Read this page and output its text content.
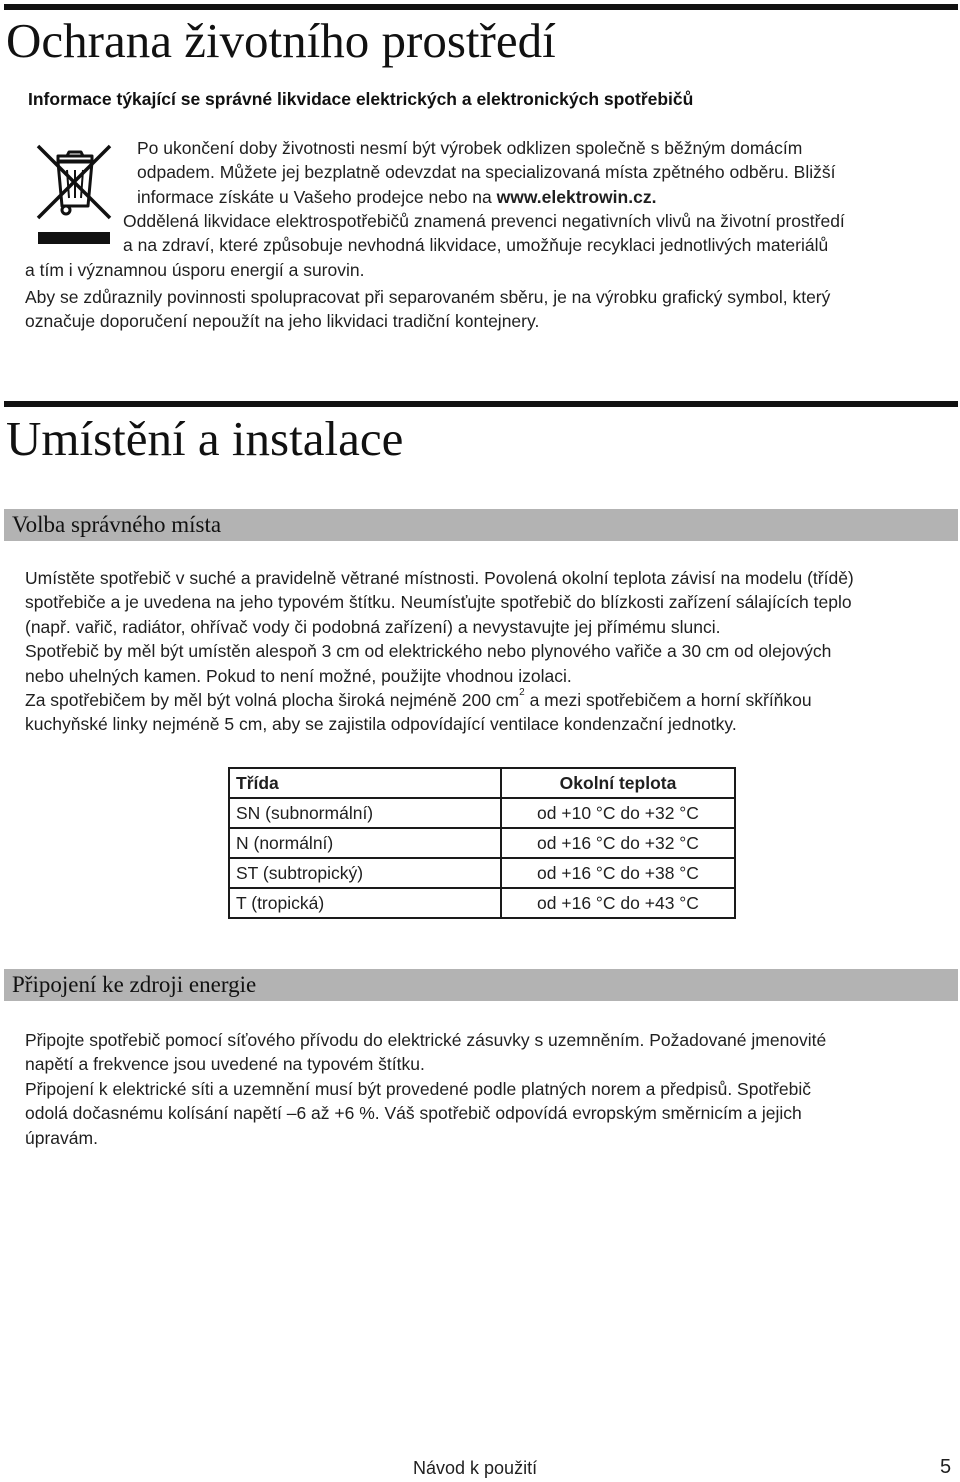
Ochrana životního prostředí
Informace týkající se správné likvidace elektrických a elektronických spotřebičů
Po ukončení doby životnosti nesmí být výrobek odklizen společně s běžným domácím
odpadem. Můžete jej bezplatně odevzdat na specializovaná místa zpětného odběru. Bližší
informace získáte u Vašeho prodejce nebo na www.elektrowin.cz.
Oddělená likvidace elektrospotřebičů znamená prevenci negativních vlivů na životní prostředí
a na zdraví, které způsobuje nevhodná likvidace, umožňuje recyklaci jednotlivých materiálů
a tím i významnou úsporu energií a surovin.
Aby se zdůraznily povinnosti spolupracovat při separovaném sběru, je na výrobku grafický symbol, který
označuje doporučení nepoužít na jeho likvidaci tradiční kontejnery.
Umístění a instalace
Volba správného místa
Umístěte spotřebič v suché a pravidelně větrané místnosti. Povolená okolní teplota závisí na modelu (třídě)
spotřebiče a je uvedena na jeho typovém štítku. Neumísťujte spotřebič do blízkosti zařízení sálajících teplo
(např. vařič, radiátor, ohřívač vody či podobná zařízení) a nevystavujte jej přímému slunci.
Spotřebič by měl být umístěn alespoň 3 cm od elektrického nebo plynového vařiče a 30 cm od olejových
nebo uhelných kamen. Pokud to není možné, použijte vhodnou izolaci.
Za spotřebičem by měl být volná plocha široká nejméně 200 $cm^2$ a mezi spotřebičem a horní skříňkou
kuchyňské linky nejméně 5 cm, aby se zajistila odpovídající ventilace kondenzační jednotky.
Třída	Okolní teplota
SN (subnormální)	od +10 °C do +32 °C
N (normální)	od +16 °C do +32 °C
ST (subtropický)	od +16 °C do +38 °C
T (tropická)	od +16 °C do +43 °C
Připojení ke zdroji energie
Připojte spotřebič pomocí síťového přívodu do elektrické zásuvky s uzemněním. Požadované jmenovité
napětí a frekvence jsou uvedené na typovém štítku.
Připojení k elektrické síti a uzemnění musí být provedené podle platných norem a předpisů. Spotřebič
odolá dočasnému kolísání napětí –6 až +6 %. Váš spotřebič odpovídá evropským směrnicím a jejich
úpravám.
Návod k použití	5
